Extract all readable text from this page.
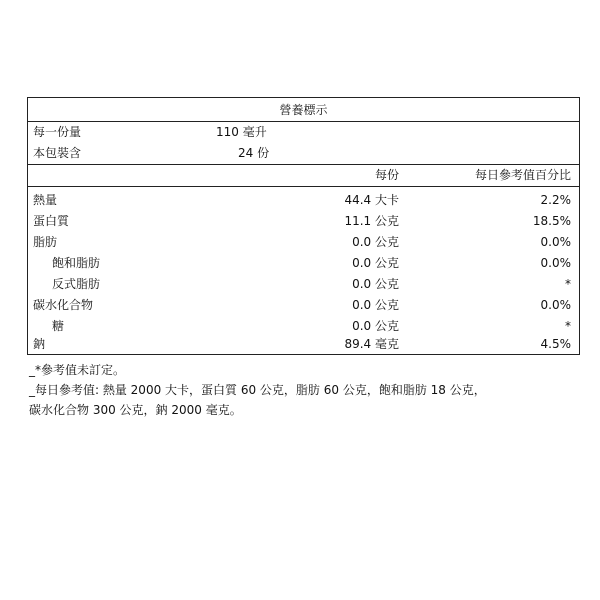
營養標示
每一份量	110 毫升
本包裝含	24 份
每份	每日參考值百分比
熱量	44.4 大卡	2.2%
蛋白質	11.1 公克	18.5%
脂肪	0.0 公克	0.0%
飽和脂肪	0.0 公克	0.0%
反式脂肪	0.0 公克	*
碳水化合物	0.0 公克	0.0%
糖	0.0 公克	*
鈉	89.4 毫克	4.5%
_*參考值未訂定。
_每日參考值: 熱量 2000 大卡，蛋白質 60 公克，脂肪 60 公克，飽和脂肪 18 公克，
碳水化合物 300 公克，鈉 2000 毫克。
